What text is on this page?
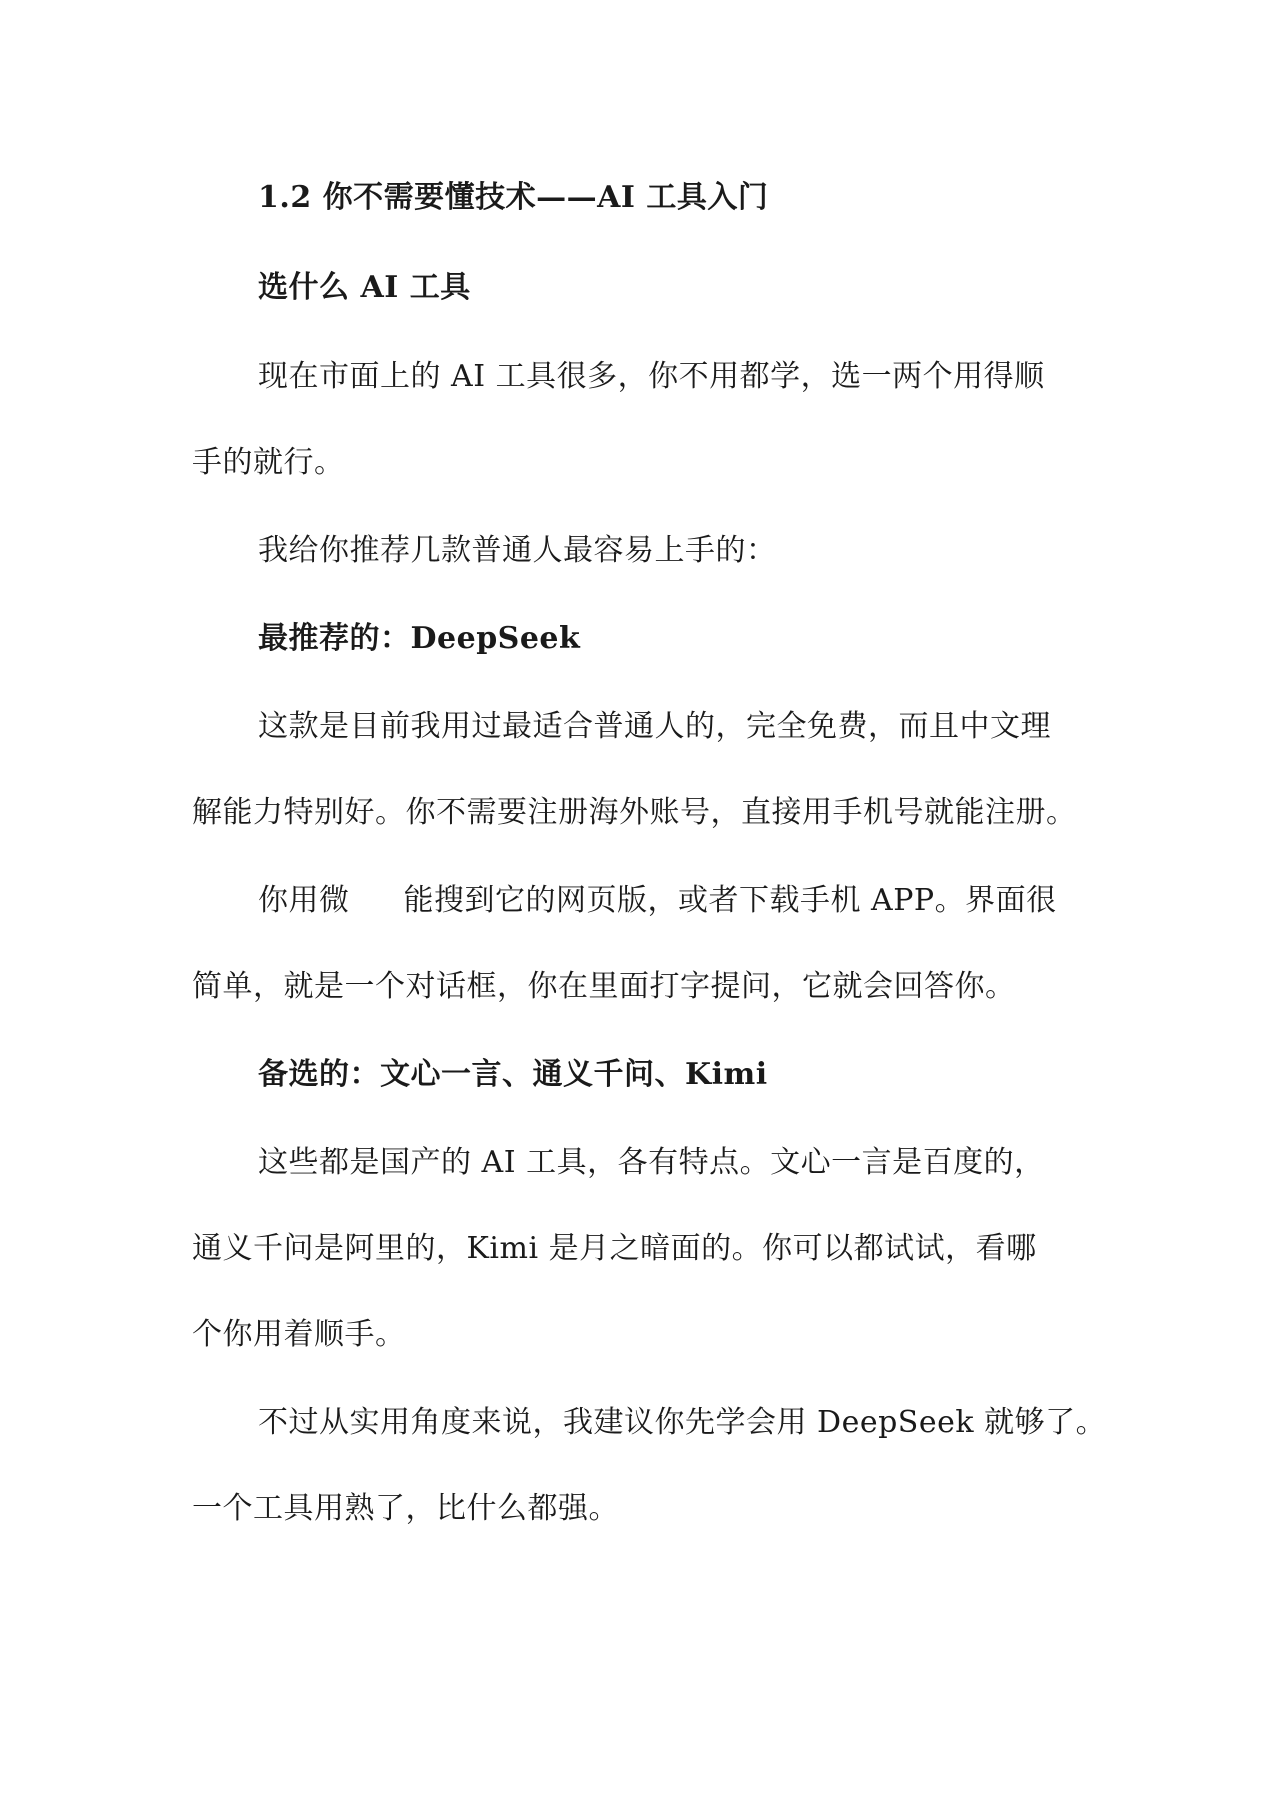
1.2 你不需要懂技术——AI 工具入门

选什么 AI 工具

现在市面上的 AI 工具很多，你不用都学，选一两个用得顺

手的就行。

我给你推荐几款普通人最容易上手的：

最推荐的：DeepSeek

这款是目前我用过最适合普通人的，完全免费，而且中文理

解能力特别好。你不需要注册海外账号，直接用手机号就能注册。

你用微 能搜到它的网页版，或者下载手机 APP。界面很

简单，就是一个对话框，你在里面打字提问，它就会回答你。

备选的：文心一言、通义千问、Kimi

这些都是国产的 AI 工具，各有特点。文心一言是百度的，

通义千问是阿里的，Kimi 是月之暗面的。你可以都试试，看哪

个你用着顺手。

不过从实用角度来说，我建议你先学会用 DeepSeek 就够了。

一个工具用熟了，比什么都强。
